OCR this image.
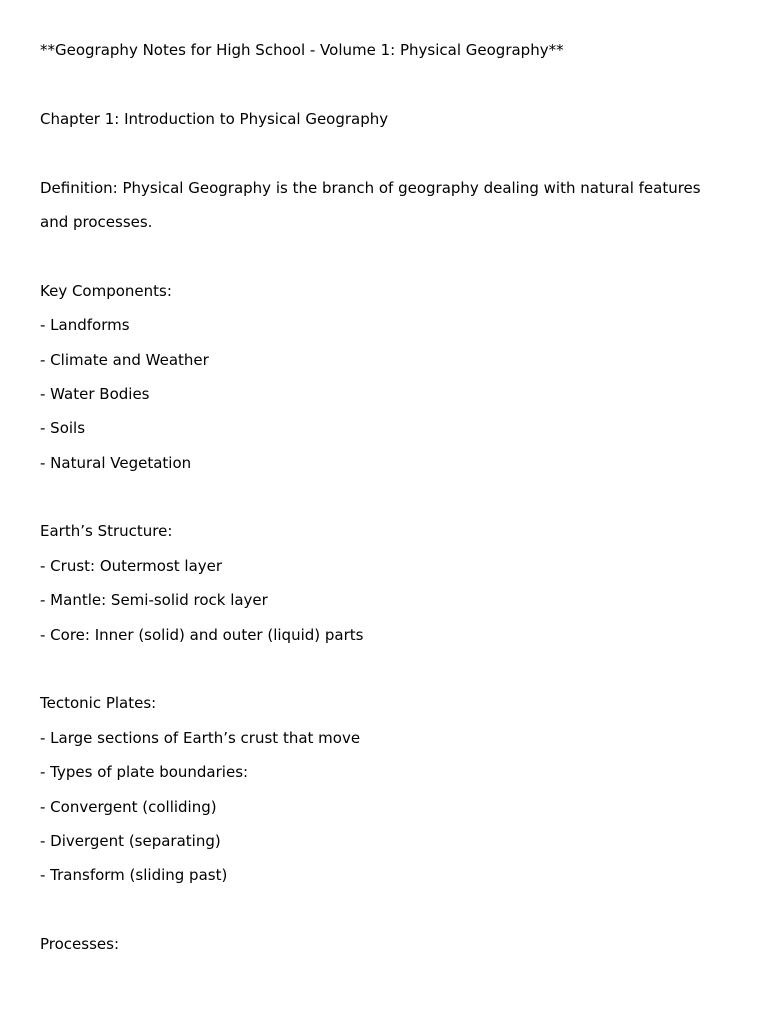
**Geography Notes for High School - Volume 1: Physical Geography**
Chapter 1: Introduction to Physical Geography
Definition: Physical Geography is the branch of geography dealing with natural features
and processes.
Key Components:
- Landforms
- Climate and Weather
- Water Bodies
- Soils
- Natural Vegetation
Earth’s Structure:
- Crust: Outermost layer
- Mantle: Semi-solid rock layer
- Core: Inner (solid) and outer (liquid) parts
Tectonic Plates:
- Large sections of Earth’s crust that move
- Types of plate boundaries:
- Convergent (colliding)
- Divergent (separating)
- Transform (sliding past)
Processes:
